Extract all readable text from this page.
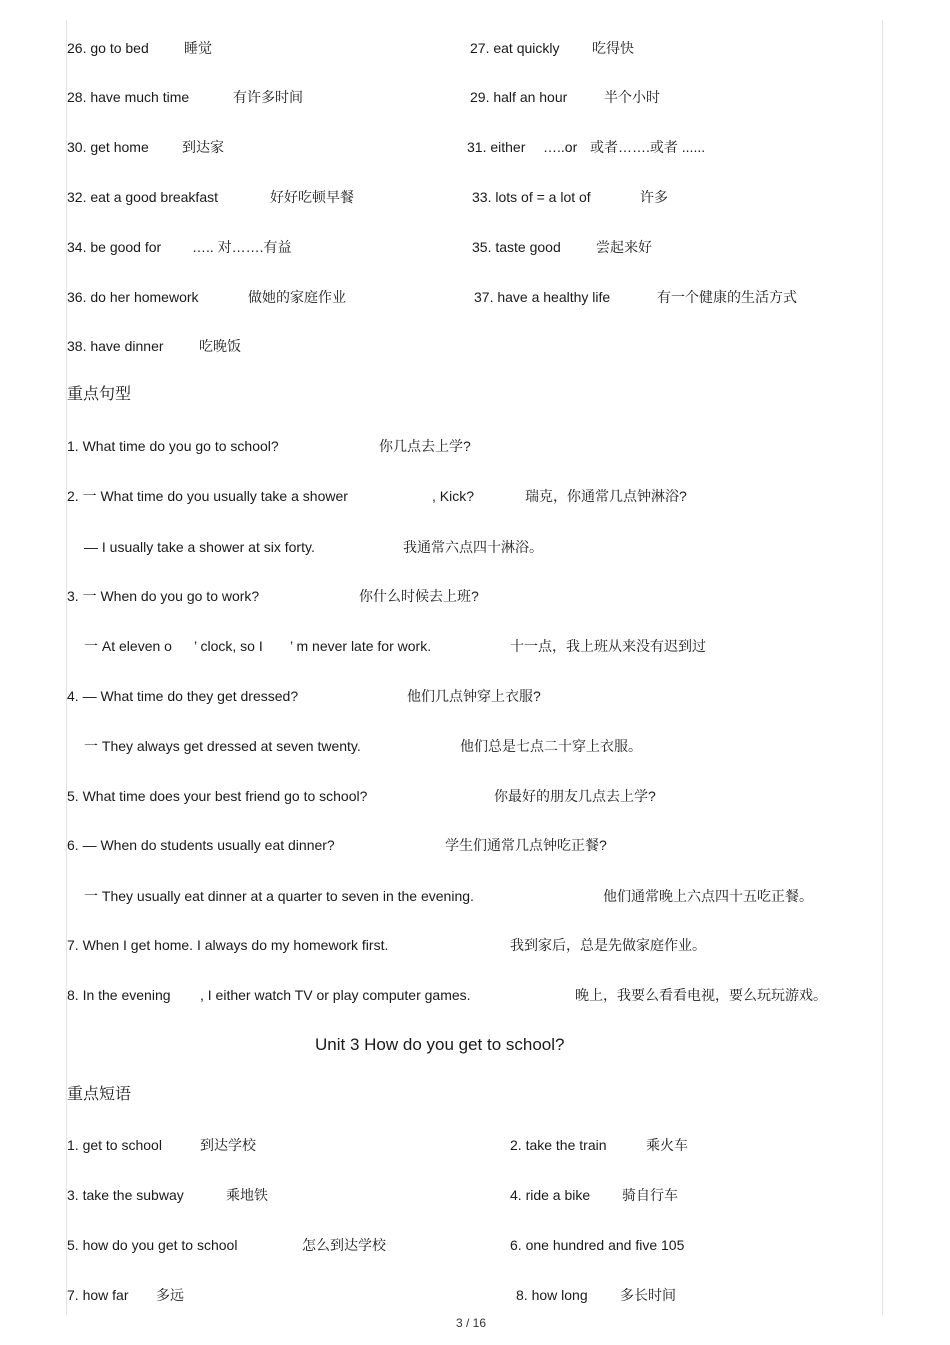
26. go to bed	睡觉	27. eat quickly 吃得快
28. have much time	有许多时间	29. half an hour	半个小时
30. get home 到达家	31. either …..or 或者…….或者 ......
32. eat a good breakfast	好好吃顿早餐	33. lots of = a lot of	许多
34. be good for ….. 对…….有益	35. taste good	尝起来好
36. do her homework	做她的家庭作业	37. have a healthy life	有一个健康的生活方式
38. have dinner	吃晚饭
重点句型
1. What time do you go to school?	你几点去上学?
2. 一 What time do you usually take a shower	, Kick?	瑞克，你通常几点钟淋浴?
— I usually take a shower at six forty.	我通常六点四十淋浴。
3. 一 When do you go to work?	你什么时候去上班?
一 At eleven o ’ clock, so I ’ m never late for work.	十一点，我上班从来没有迟到过
4. — What time do they get dressed?	他们几点钟穿上衣服?
一 They always get dressed at seven twenty.	他们总是七点二十穿上衣服。
5. What time does your best friend go to school?	你最好的朋友几点去上学?
6. — When do students usually eat dinner?	学生们通常几点钟吃正餐?
一 They usually eat dinner at a quarter to seven in the evening.	他们通常晚上六点四十五吃正餐。
7. When I get home. I always do my homework first.	我到家后，总是先做家庭作业。
8. In the evening , I either watch TV or play computer games.	晚上，我要么看看电视，要么玩玩游戏。
Unit 3 How do you get to school?
重点短语
1. get to school	到达学校	2. take the train	乘火车
3. take the subway	乘地铁	4. ride a bike 骑自行车
5. how do you get to school	怎么到达学校	6. one hundred and five 105
7. how far 多远	8. how long 多长时间
3 / 16
